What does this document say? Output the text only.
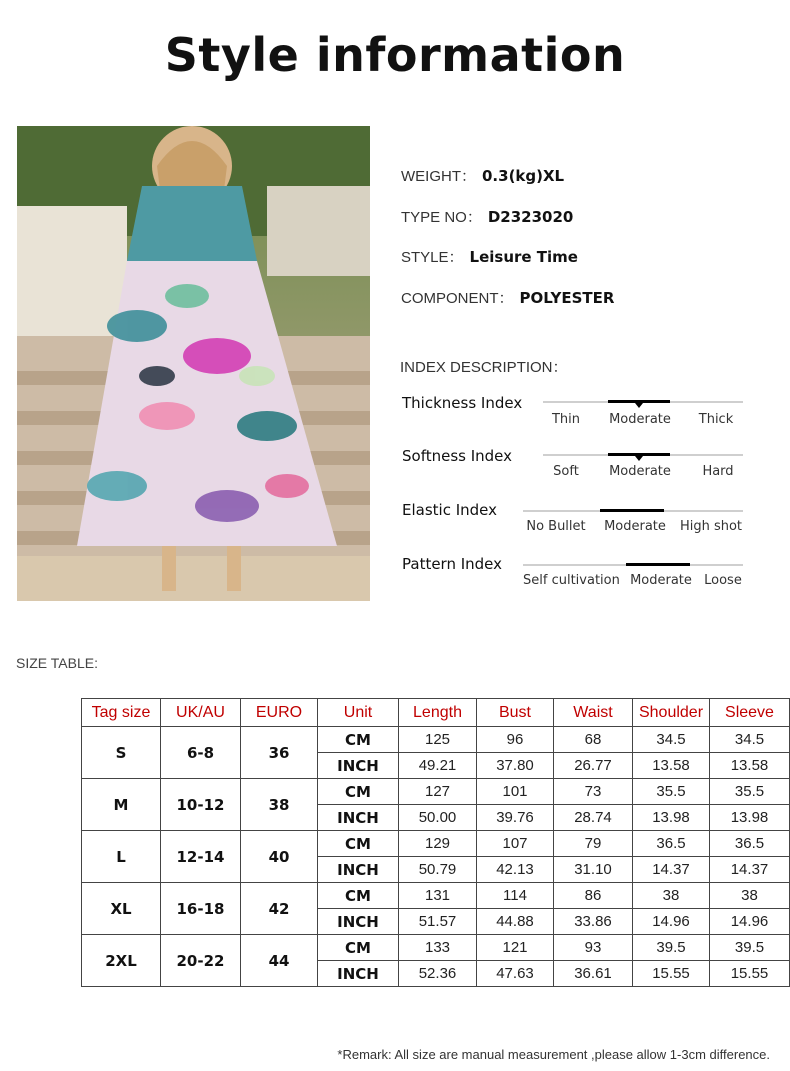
Style information
WEIGHT： 0.3(kg)XL
TYPE NO： D2323020
STYLE： Leisure Time
COMPONENT： POLYESTER
INDEX DESCRIPTION：
Thickness Index
Thin	Moderate	Thick
Softness Index
Soft	Moderate	Hard
Elastic Index
No Bullet	Moderate	High shot
Pattern Index
Self cultivation Moderate Loose
SIZE TABLE:
Tag size	UK/AU	EURO	Unit	Length	Bust	Waist	Shoulder	Sleeve
S	6-8	36	CM	125	96	68	34.5	34.5
			INCH	49.21	37.80	26.77	13.58	13.58
M	10-12	38	CM	127	101	73	35.5	35.5
			INCH	50.00	39.76	28.74	13.98	13.98
L	12-14	40	CM	129	107	79	36.5	36.5
			INCH	50.79	42.13	31.10	14.37	14.37
XL	16-18	42	CM	131	114	86	38	38
			INCH	51.57	44.88	33.86	14.96	14.96
2XL	20-22	44	CM	133	121	93	39.5	39.5
			INCH	52.36	47.63	36.61	15.55	15.55
*Remark: All size are manual measurement ,please allow 1-3cm difference.
